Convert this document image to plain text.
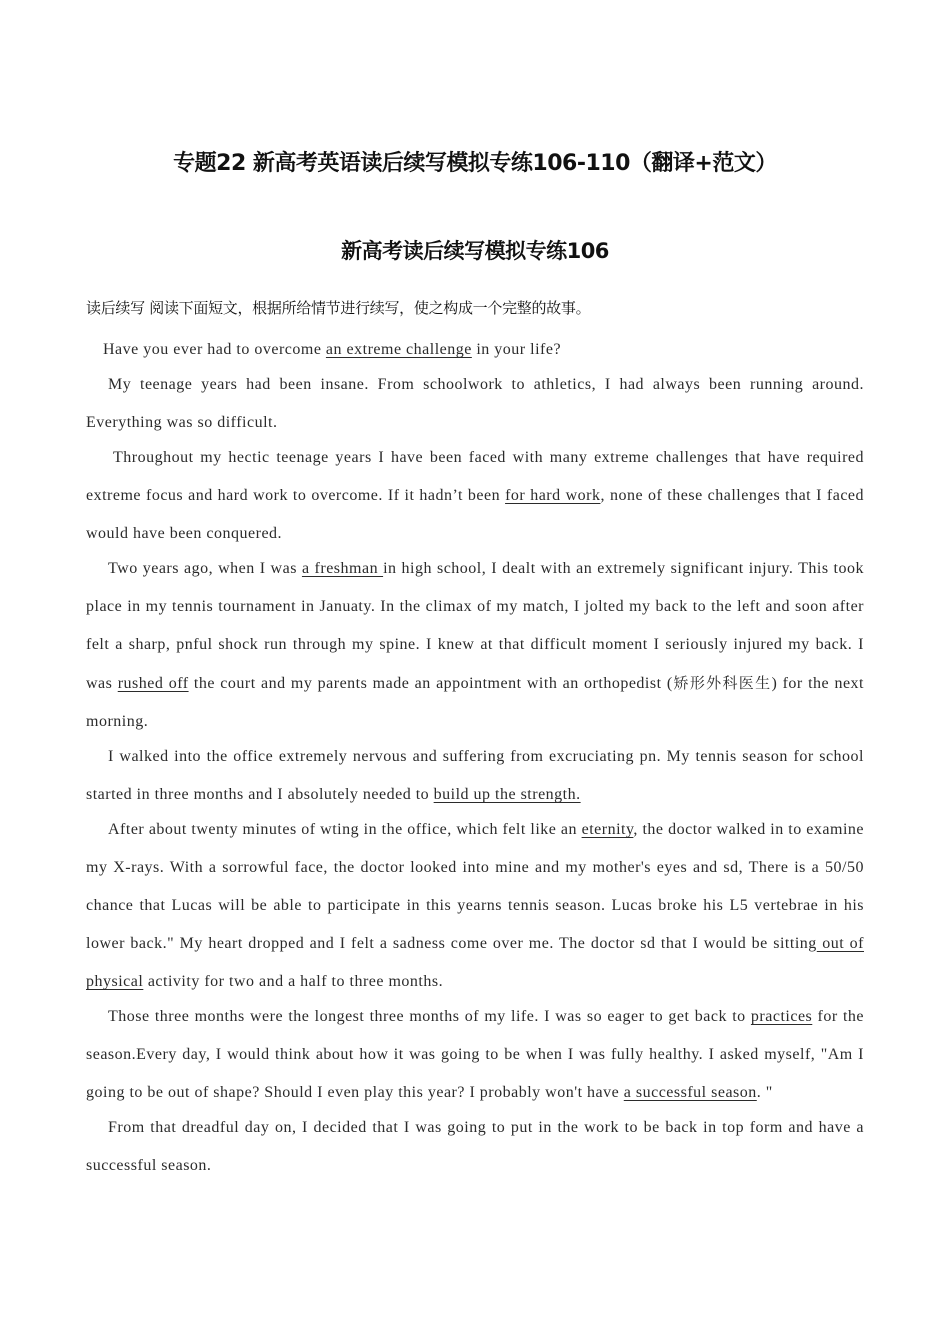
专题22 新高考英语读后续写模拟专练106-110（翻译+范文）
新高考读后续写模拟专练106
读后续写 阅读下面短文，根据所给情节进行续写，使之构成一个完整的故事。

Have you ever had to overcome an extreme challenge in your life?

My teenage years had been insane. From schoolwork to athletics, I had always been running around. Everything was so difficult.

Throughout my hectic teenage years I have been faced with many extreme challenges that have required extreme focus and hard work to overcome. If it hadn’t been for hard work, none of these challenges that I faced would have been conquered.

Two years ago, when I was a freshman in high school, I dealt with an extremely significant injury. This took place in my tennis tournament in Januaty. In the climax of my match, I jolted my back to the left and soon after felt a sharp, pnful shock run through my spine. I knew at that difficult moment I seriously injured my back. I was rushed off the court and my parents made an appointment with an orthopedist (矫形外科医生) for the next morning.

I walked into the office extremely nervous and suffering from excruciating pn. My tennis season for school started in three months and I absolutely needed to build up the strength.

After about twenty minutes of wting in the office, which felt like an eternity, the doctor walked in to examine my X-rays. With a sorrowful face, the doctor looked into mine and my mother's eyes and sd, There is a 50/50 chance that Lucas will be able to participate in this yearns tennis season. Lucas broke his L5 vertebrae in his lower back." My heart dropped and I felt a sadness come over me. The doctor sd that I would be sitting out of physical activity for two and a half to three months.

Those three months were the longest three months of my life. I was so eager to get back to practices for the season.Every day, I would think about how it was going to be when I was fully healthy. I asked myself, "Am I going to be out of shape? Should I even play this year? I probably won't have a successful season. "

From that dreadful day on, I decided that I was going to put in the work to be back in top form and have a successful season.
